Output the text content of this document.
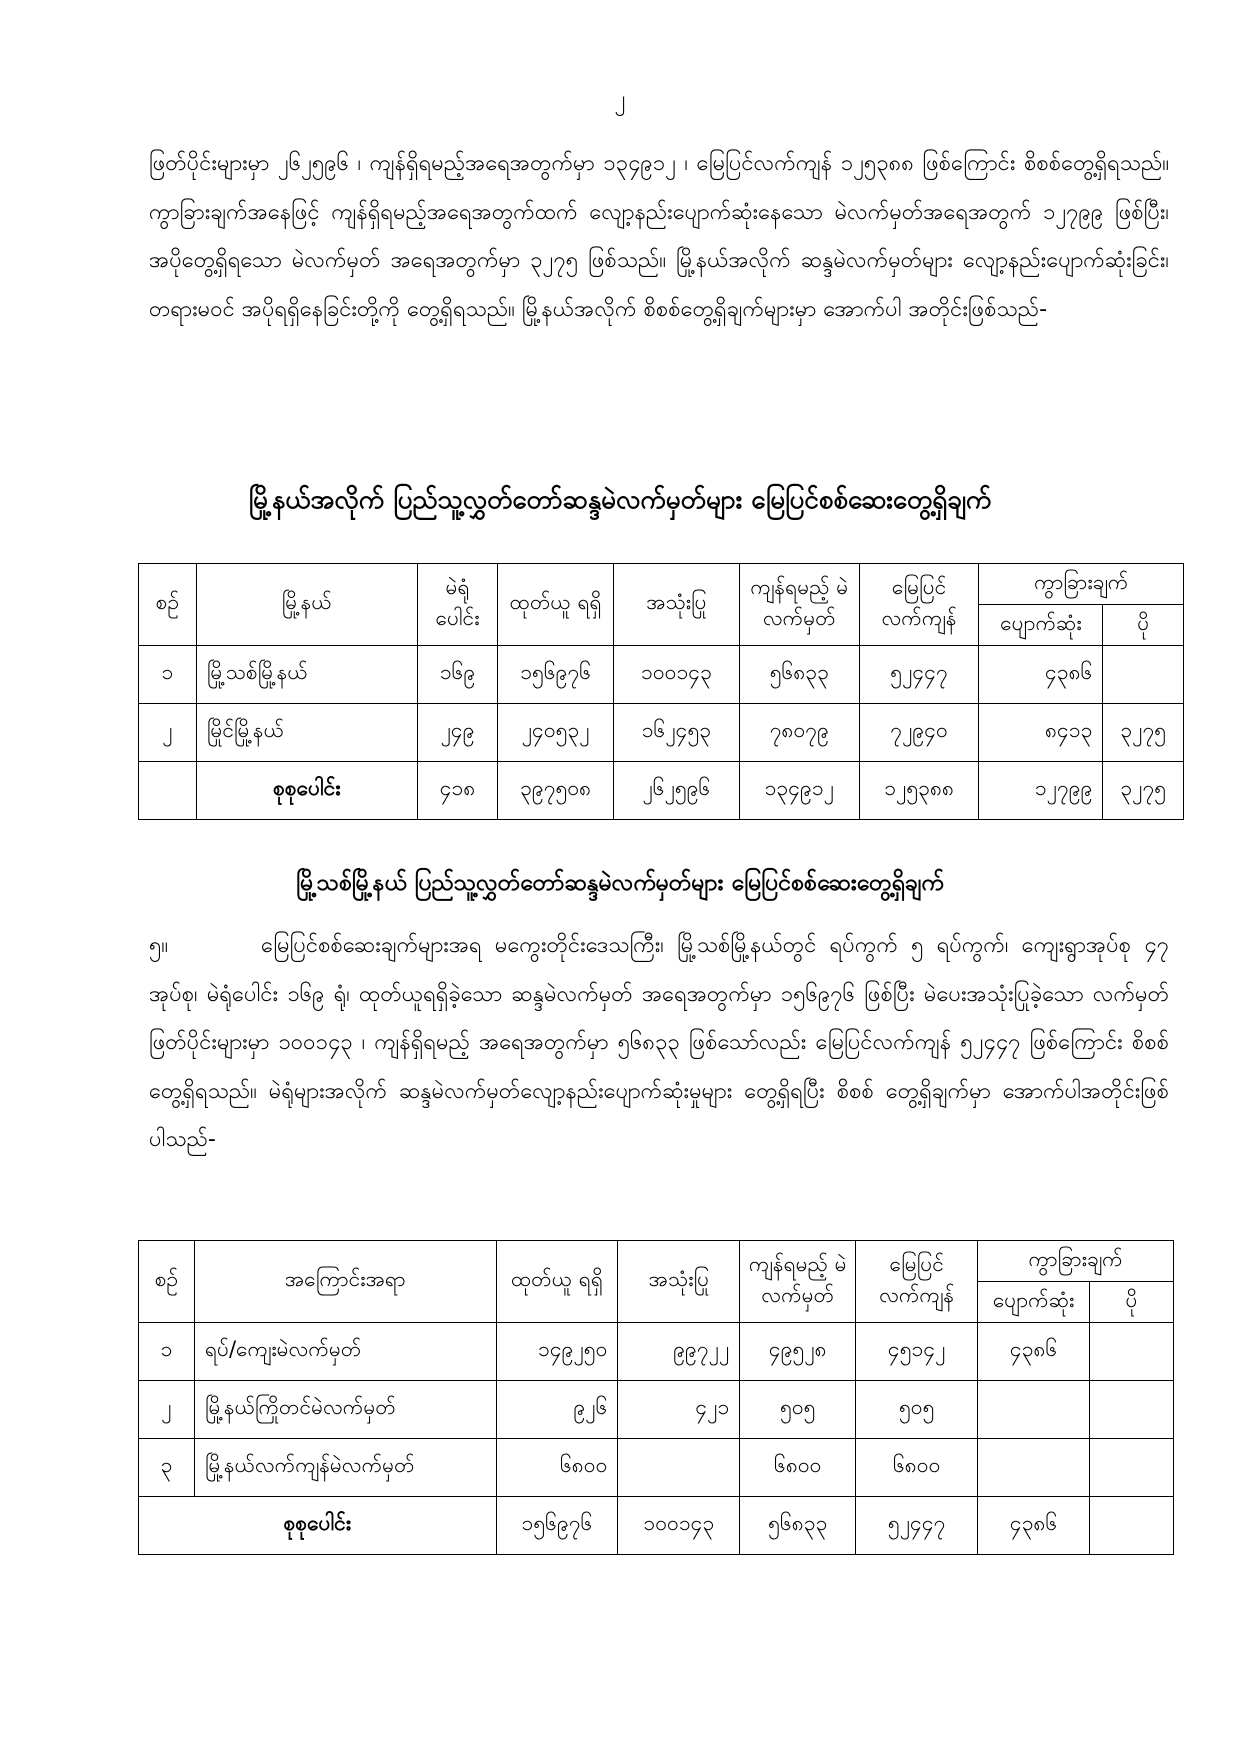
၂

ဖြတ်ပိုင်းများမှာ ၂၆၂၅၉၆ ၊ ကျန်ရှိရမည့်အရေအတွက်မှာ ၁၃၄၉၁၂ ၊ မြေပြင်လက်ကျန် ၁၂၅၃၈၈ ဖြစ်ကြောင်း စိစစ်တွေ့ရှိရသည်။ ကွာခြားချက်အနေဖြင့် ကျန်ရှိရမည့်အရေအတွက်ထက် လျော့နည်းပျောက်ဆုံးနေသော မဲလက်မှတ်အရေအတွက် ၁၂၇၉၉ ဖြစ်ပြီး၊ အပိုတွေ့ရှိရသော မဲလက်မှတ် အရေအတွက်မှာ ၃၂၇၅ ဖြစ်သည်။ မြို့နယ်အလိုက် ဆန္ဒမဲလက်မှတ်များ လျော့နည်းပျောက်ဆုံးခြင်း၊ တရားမဝင် အပိုရရှိနေခြင်းတို့ကို တွေ့ရှိရသည်။ မြို့နယ်အလိုက် စိစစ်တွေ့ရှိချက်များမှာ အောက်ပါ အတိုင်းဖြစ်သည်-

မြို့နယ်အလိုက် ပြည်သူ့လွှတ်တော်ဆန္ဒမဲလက်မှတ်များ မြေပြင်စစ်ဆေးတွေ့ရှိချက်
စဉ်	မြို့နယ်	မဲရုံ ပေါင်း	ထုတ်ယူ ရရှိ	အသုံးပြု	ကျန်ရမည့် မဲလက်မှတ်	မြေပြင် လက်ကျန်	ကွာခြားချက်	
							ပျောက်ဆုံး	ပို
၁	မြို့သစ်မြို့နယ်	၁၆၉	၁၅၆၉၇၆	၁၀၀၁၄၃	၅၆၈၃၃	၅၂၄၄၇	၄၃၈၆	
၂	မြိုင်မြို့နယ်	၂၄၉	၂၄၀၅၃၂	၁၆၂၄၅၃	၇၈၀၇၉	၇၂၉၄၀	၈၄၁၃	၃၂၇၅
	စုစုပေါင်း	၄၁၈	၃၉၇၅၀၈	၂၆၂၅၉၆	၁၃၄၉၁၂	၁၂၅၃၈၈	၁၂၇၉၉	၃၂၇၅
မြို့သစ်မြို့နယ် ပြည်သူ့လွှတ်တော်ဆန္ဒမဲလက်မှတ်များ မြေပြင်စစ်ဆေးတွေ့ရှိချက်

၅။	မြေပြင်စစ်ဆေးချက်များအရ မကွေးတိုင်းဒေသကြီး၊ မြို့သစ်မြို့နယ်တွင် ရပ်ကွက် ၅ ရပ်ကွက်၊ ကျေးရွာအုပ်စု ၄၇ အုပ်စု၊ မဲရုံပေါင်း ၁၆၉ ရုံ၊ ထုတ်ယူရရှိခဲ့သော ဆန္ဒမဲလက်မှတ် အရေအတွက်မှာ ၁၅၆၉၇၆ ဖြစ်ပြီး မဲပေးအသုံးပြုခဲ့သော လက်မှတ်ဖြတ်ပိုင်းများမှာ ၁၀၀၁၄၃ ၊ ကျန်ရှိရမည့် အရေအတွက်မှာ ၅၆၈၃၃ ဖြစ်သော်လည်း မြေပြင်လက်ကျန် ၅၂၄၄၇ ဖြစ်ကြောင်း စိစစ်တွေ့ရှိရသည်။ မဲရုံများအလိုက် ဆန္ဒမဲလက်မှတ်လျော့နည်းပျောက်ဆုံးမှုများ တွေ့ရှိရပြီး စိစစ် တွေ့ရှိချက်မှာ အောက်ပါအတိုင်းဖြစ်ပါသည်-

စဉ်	အကြောင်းအရာ	ထုတ်ယူ ရရှိ	အသုံးပြု	ကျန်ရမည့် မဲလက်မှတ်	မြေပြင် လက်ကျန်	ကွာခြားချက်	
						ပျောက်ဆုံး	ပို
၁	ရပ်/ကျေးမဲလက်မှတ်	၁၄၉၂၅၀	၉၉၇၂၂	၄၉၅၂၈	၄၅၁၄၂	၄၃၈၆	
၂	မြို့နယ်ကြိုတင်မဲလက်မှတ်	၉၂၆	၄၂၁	၅၀၅	၅၀၅		
၃	မြို့နယ်လက်ကျန်မဲလက်မှတ်	၆၈၀၀		၆၈၀၀	၆၈၀၀		
စုစုပေါင်း		၁၅၆၉၇၆	၁၀၀၁၄၃	၅၆၈၃၃	၅၂၄၄၇	၄၃၈၆	
